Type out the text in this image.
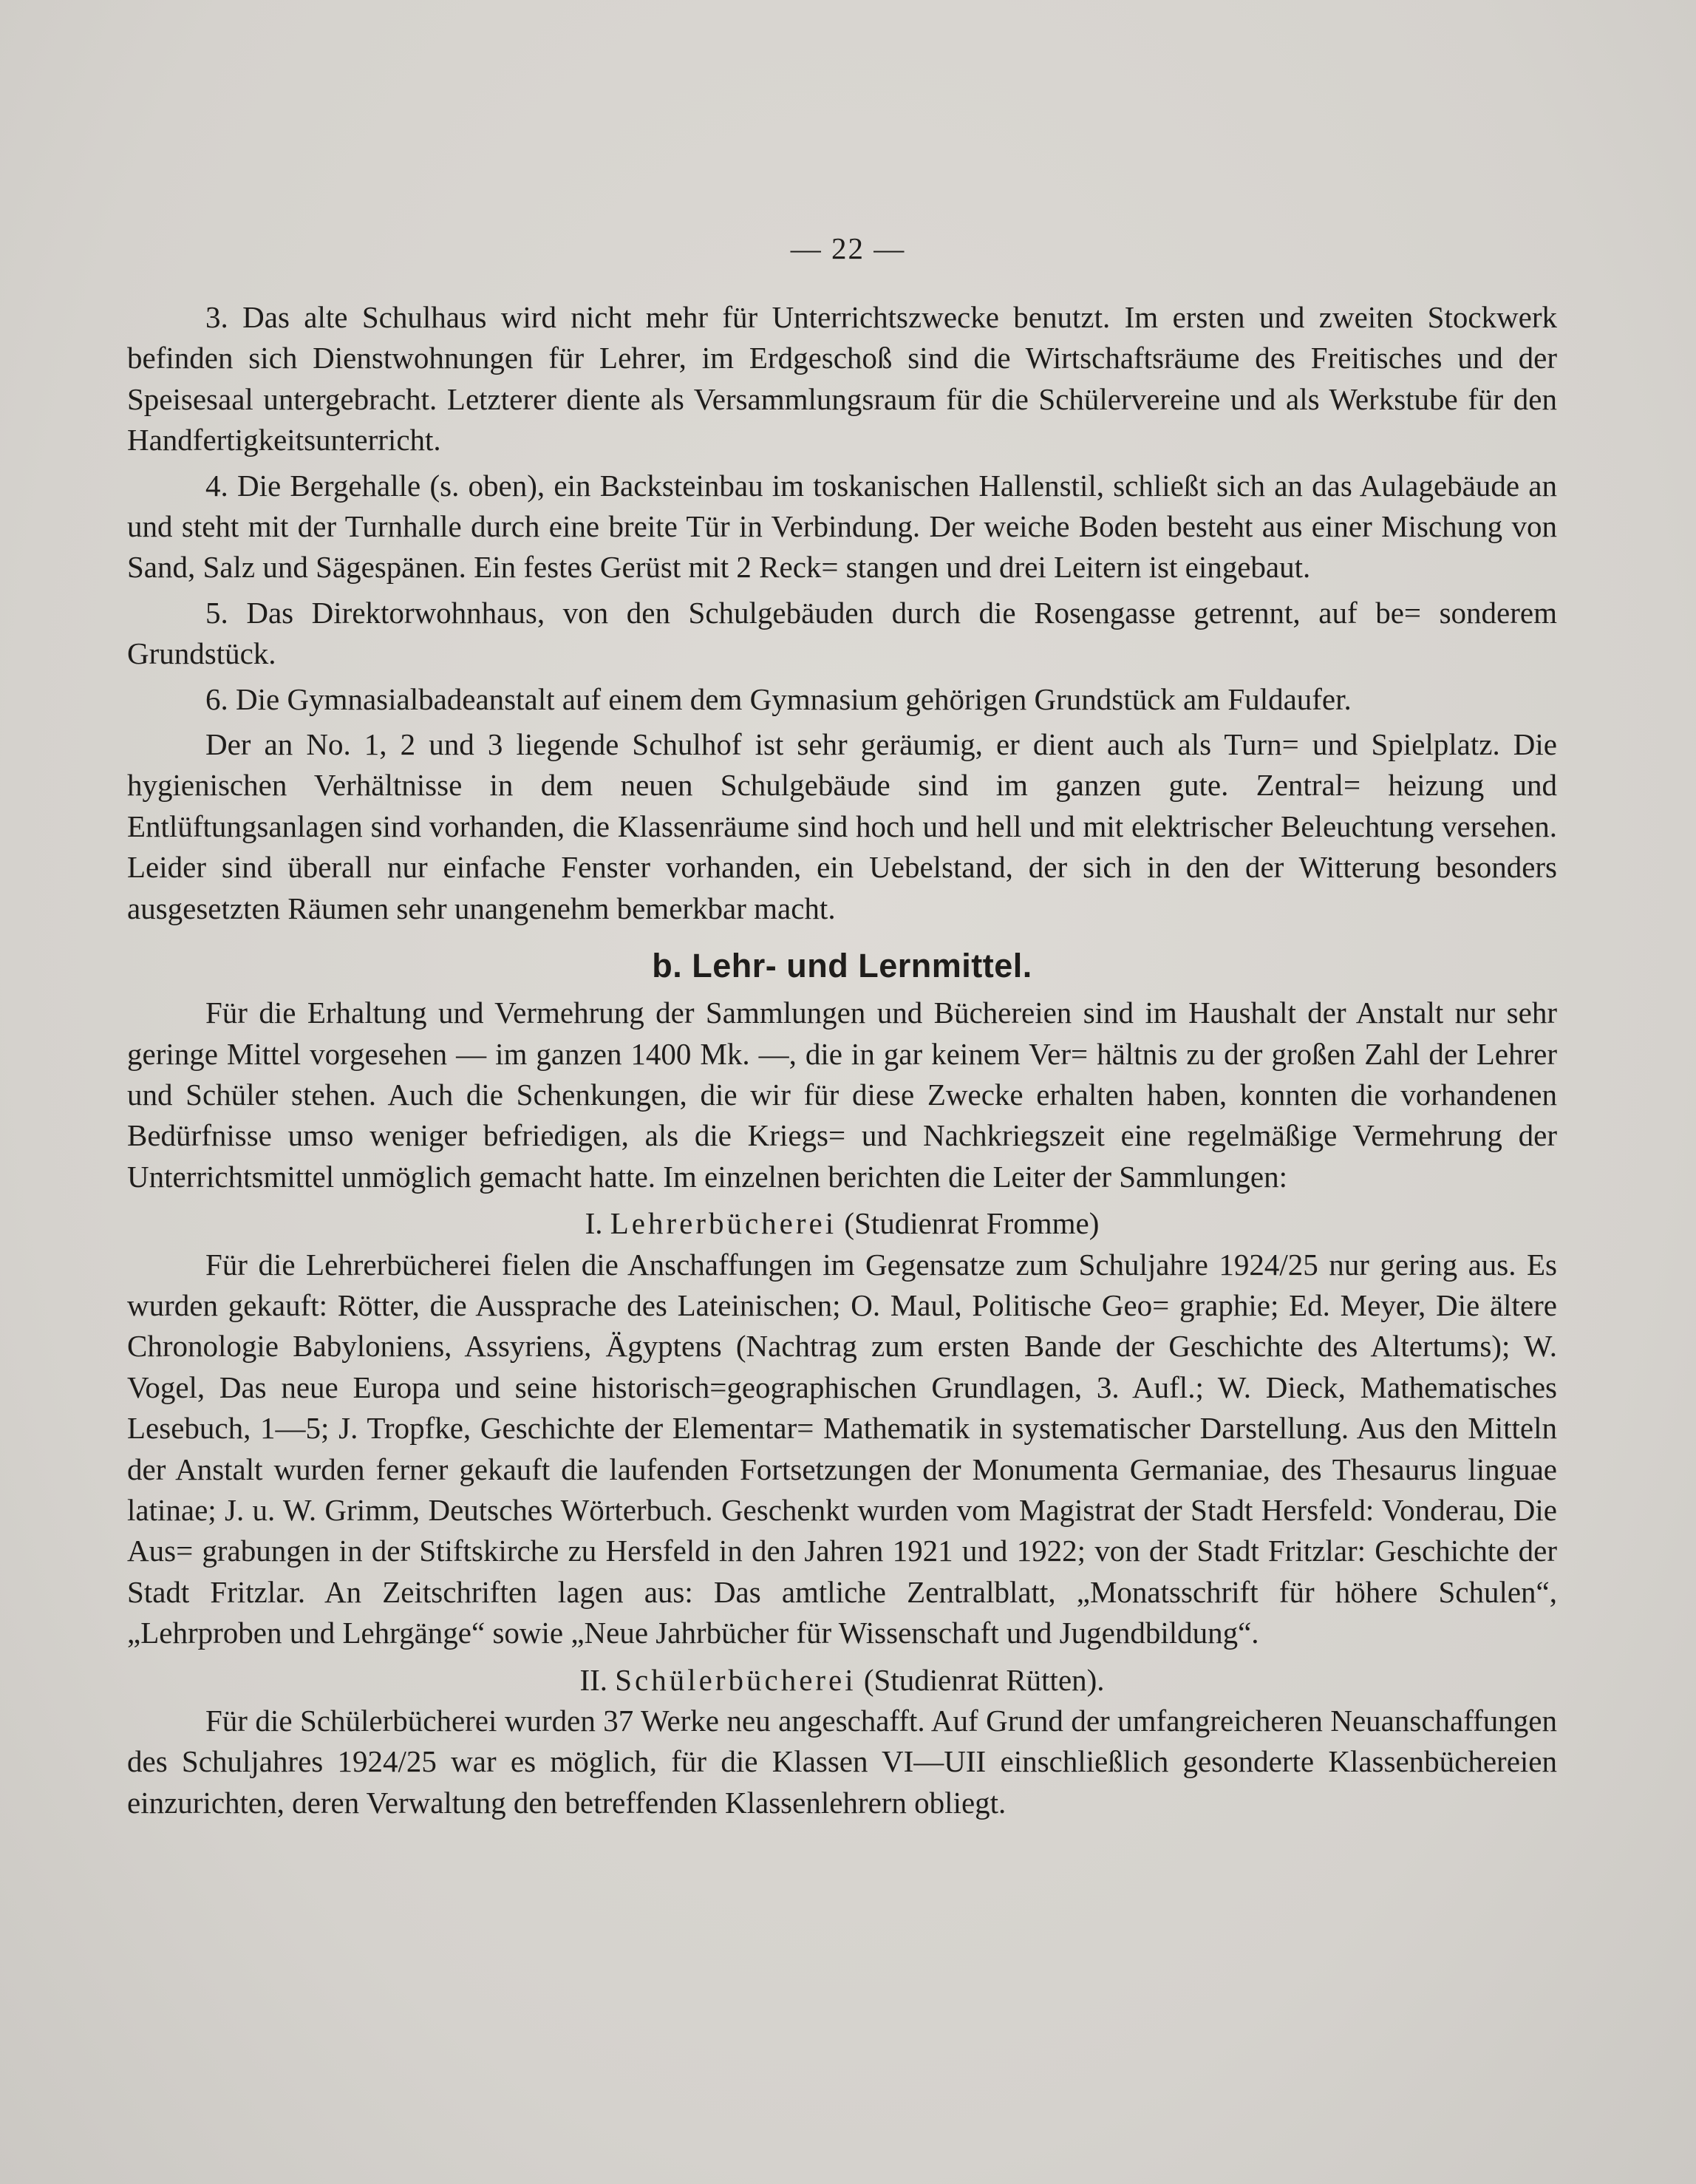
— 22 —

3. Das alte Schulhaus wird nicht mehr für Unterrichtszwecke benutzt. Im ersten und zweiten Stockwerk befinden sich Dienstwohnungen für Lehrer, im Erdgeschoß sind die Wirtschaftsräume des Freitisches und der Speisesaal untergebracht. Letzterer diente als Versammlungsraum für die Schülervereine und als Werkstube für den Handfertigkeitsunterricht.

4. Die Bergehalle (s. oben), ein Backsteinbau im toskanischen Hallenstil, schließt sich an das Aulagebäude an und steht mit der Turnhalle durch eine breite Tür in Verbindung. Der weiche Boden besteht aus einer Mischung von Sand, Salz und Sägespänen. Ein festes Gerüst mit 2 Reck= stangen und drei Leitern ist eingebaut.

5. Das Direktorwohnhaus, von den Schulgebäuden durch die Rosengasse getrennt, auf be= sonderem Grundstück.

6. Die Gymnasialbadeanstalt auf einem dem Gymnasium gehörigen Grundstück am Fuldaufer.

Der an No. 1, 2 und 3 liegende Schulhof ist sehr geräumig, er dient auch als Turn= und Spielplatz. Die hygienischen Verhältnisse in dem neuen Schulgebäude sind im ganzen gute. Zentral= heizung und Entlüftungsanlagen sind vorhanden, die Klassenräume sind hoch und hell und mit elektrischer Beleuchtung versehen. Leider sind überall nur einfache Fenster vorhanden, ein Uebelstand, der sich in den der Witterung besonders ausgesetzten Räumen sehr unangenehm bemerkbar macht.

b. Lehr- und Lernmittel.

Für die Erhaltung und Vermehrung der Sammlungen und Büchereien sind im Haushalt der Anstalt nur sehr geringe Mittel vorgesehen — im ganzen 1400 Mk. —, die in gar keinem Ver= hältnis zu der großen Zahl der Lehrer und Schüler stehen. Auch die Schenkungen, die wir für diese Zwecke erhalten haben, konnten die vorhandenen Bedürfnisse umso weniger befriedigen, als die Kriegs= und Nachkriegszeit eine regelmäßige Vermehrung der Unterrichtsmittel unmöglich gemacht hatte. Im einzelnen berichten die Leiter der Sammlungen:

I. Lehrerbücherei (Studienrat Fromme)

Für die Lehrerbücherei fielen die Anschaffungen im Gegensatze zum Schuljahre 1924/25 nur gering aus. Es wurden gekauft: Rötter, die Aussprache des Lateinischen; O. Maul, Politische Geo= graphie; Ed. Meyer, Die ältere Chronologie Babyloniens, Assyriens, Ägyptens (Nachtrag zum ersten Bande der Geschichte des Altertums); W. Vogel, Das neue Europa und seine historisch=geographischen Grundlagen, 3. Aufl.; W. Dieck, Mathematisches Lesebuch, 1—5; J. Tropfke, Geschichte der Elementar= Mathematik in systematischer Darstellung. Aus den Mitteln der Anstalt wurden ferner gekauft die laufenden Fortsetzungen der Monumenta Germaniae, des Thesaurus linguae latinae; J. u. W. Grimm, Deutsches Wörterbuch. Geschenkt wurden vom Magistrat der Stadt Hersfeld: Vonderau, Die Aus= grabungen in der Stiftskirche zu Hersfeld in den Jahren 1921 und 1922; von der Stadt Fritzlar: Geschichte der Stadt Fritzlar. An Zeitschriften lagen aus: Das amtliche Zentralblatt, „Monatsschrift für höhere Schulen“, „Lehrproben und Lehrgänge“ sowie „Neue Jahrbücher für Wissenschaft und Jugendbildung“.

II. Schülerbücherei (Studienrat Rütten).

Für die Schülerbücherei wurden 37 Werke neu angeschafft. Auf Grund der umfangreicheren Neuanschaffungen des Schuljahres 1924/25 war es möglich, für die Klassen VI—UII einschließlich gesonderte Klassenbüchereien einzurichten, deren Verwaltung den betreffenden Klassenlehrern obliegt.
